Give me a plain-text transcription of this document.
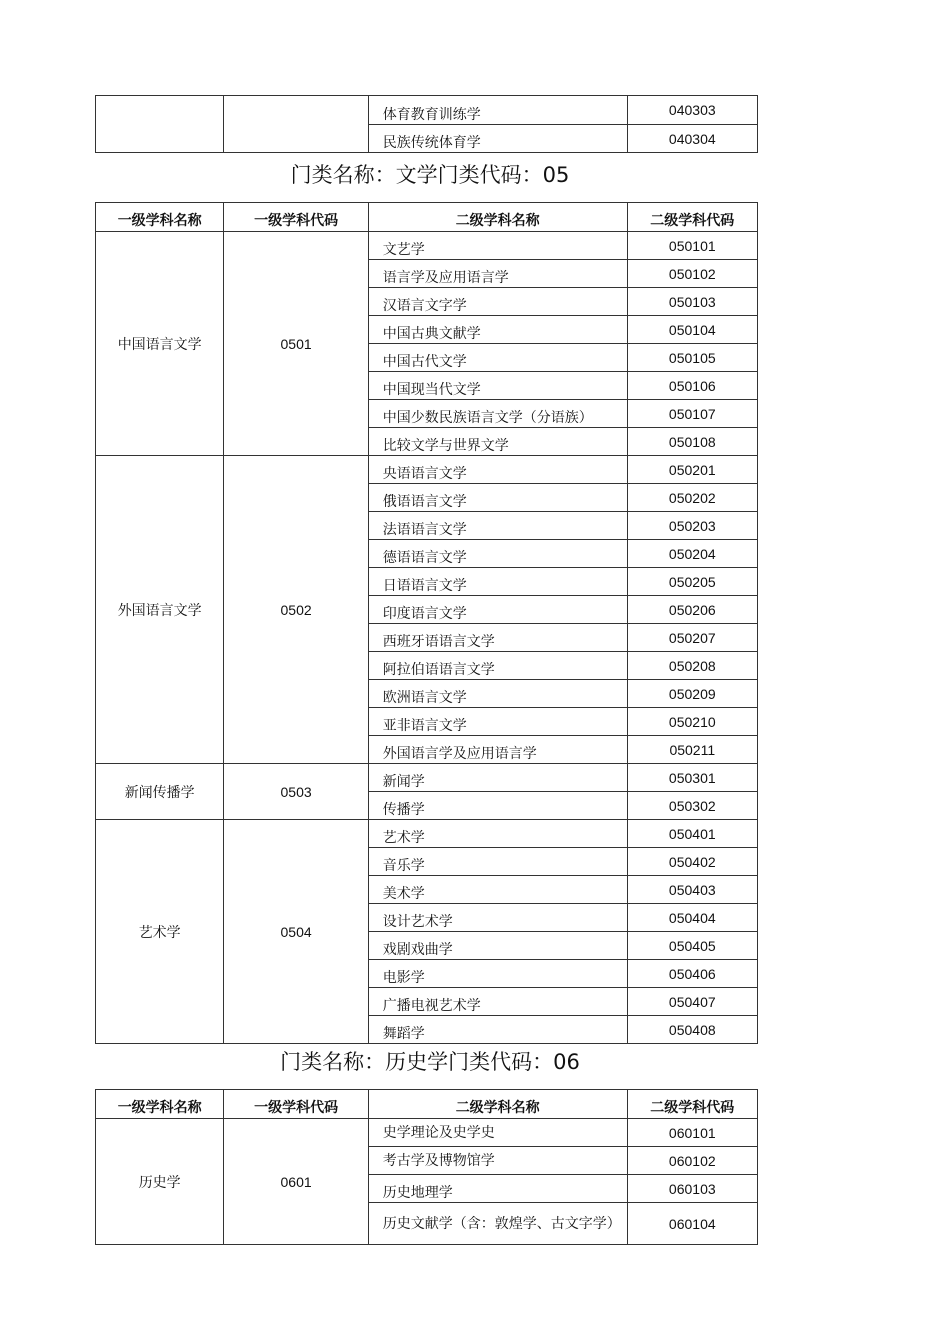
		体育教育训练学	040303
		民族传统体育学	040304
门类名称：文学门类代码：05
一级学科名称	一级学科代码	二级学科名称	二级学科代码
中国语言文学	0501	文艺学	050101
		语言学及应用语言学	050102
		汉语言文字学	050103
		中国古典文献学	050104
		中国古代文学	050105
		中国现当代文学	050106
		中国少数民族语言文学（分语族）	050107
		比较文学与世界文学	050108
外国语言文学	0502	央语语言文学	050201
		俄语语言文学	050202
		法语语言文学	050203
		德语语言文学	050204
		日语语言文学	050205
		印度语言文学	050206
		西班牙语语言文学	050207
		阿拉伯语语言文学	050208
		欧洲语言文学	050209
		亚非语言文学	050210
		外国语言学及应用语言学	050211
新闻传播学	0503	新闻学	050301
		传播学	050302
艺术学	0504	艺术学	050401
		音乐学	050402
		美术学	050403
		设计艺术学	050404
		戏剧戏曲学	050405
		电影学	050406
		广播电视艺术学	050407
		舞蹈学	050408
门类名称：历史学门类代码：06
一级学科名称	一级学科代码	二级学科名称	二级学科代码
历史学	0601	史学理论及史学史	060101
		考古学及博物馆学	060102
		历史地理学	060103
		历史文献学（含：敦煌学、古文字学）	060104
